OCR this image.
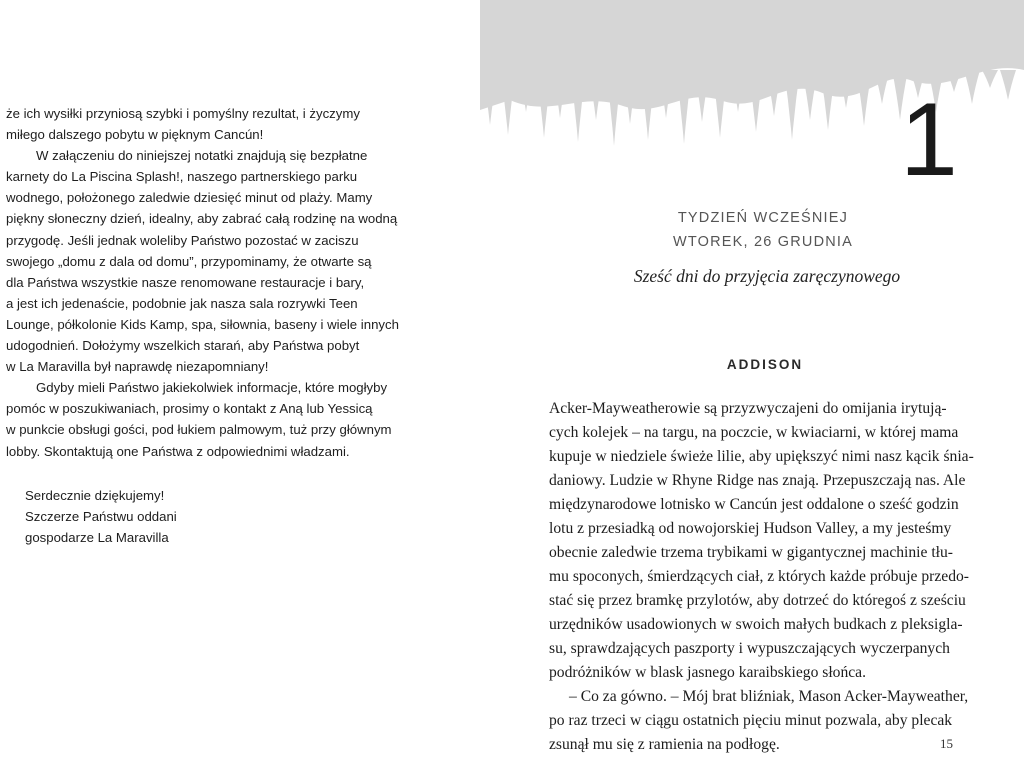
że ich wysiłki przyniosą szybki i pomyślny rezultat, i życzymy
miłego dalszego pobytu w pięknym Cancún!
W załączeniu do niniejszej notatki znajdują się bezpłatne
karnety do La Piscina Splash!, naszego partnerskiego parku
wodnego, położonego zaledwie dziesięć minut od plaży. Mamy
piękny słoneczny dzień, idealny, aby zabrać całą rodzinę na wodną
przygodę. Jeśli jednak woleliby Państwo pozostać w zaciszu
swojego „domu z dala od domu”, przypominamy, że otwarte są
dla Państwa wszystkie nasze renomowane restauracje i bary,
a jest ich jedenaście, podobnie jak nasza sala rozrywki Teen
Lounge, półkolonie Kids Kamp, spa, siłownia, baseny i wiele innych
udogodnień. Dołożymy wszelkich starań, aby Państwa pobyt
w La Maravilla był naprawdę niezapomniany!
Gdyby mieli Państwo jakiekolwiek informacje, które mogłyby
pomóc w poszukiwaniach, prosimy o kontakt z Aną lub Yessicą
w punkcie obsługi gości, pod łukiem palmowym, tuż przy głównym
lobby. Skontaktują one Państwa z odpowiednimi władzami.
Serdecznie dziękujemy!
Szczerze Państwu oddani
gospodarze La Maravilla
1
TYDZIEŃ WCZEŚNIEJ
WTOREK, 26 GRUDNIA
Sześć dni do przyjęcia zaręczynowego
ADDISON
Acker-Mayweatherowie są przyzwyczajeni do omijania irytują-
cych kolejek – na targu, na poczcie, w kwiaciarni, w której mama
kupuje w niedziele świeże lilie, aby upiększyć nimi nasz kącik śnia-
daniowy. Ludzie w Rhyne Ridge nas znają. Przepuszczają nas. Ale
międzynarodowe lotnisko w Cancún jest oddalone o sześć godzin
lotu z przesiadką od nowojorskiej Hudson Valley, a my jesteśmy
obecnie zaledwie trzema trybikami w gigantycznej machinie tłu-
mu spoconych, śmierdzących ciał, z których każde próbuje przedo-
stać się przez bramkę przylotów, aby dotrzeć do któregoś z sześciu
urzędników usadowionych w swoich małych budkach z pleksigla-
su, sprawdzających paszporty i wypuszczających wyczerpanych
podróżników w blask jasnego karaibskiego słońca.
– Co za gówno. – Mój brat bliźniak, Mason Acker-Mayweather,
po raz trzeci w ciągu ostatnich pięciu minut pozwala, aby plecak
zsunął mu się z ramienia na podłogę.	15
